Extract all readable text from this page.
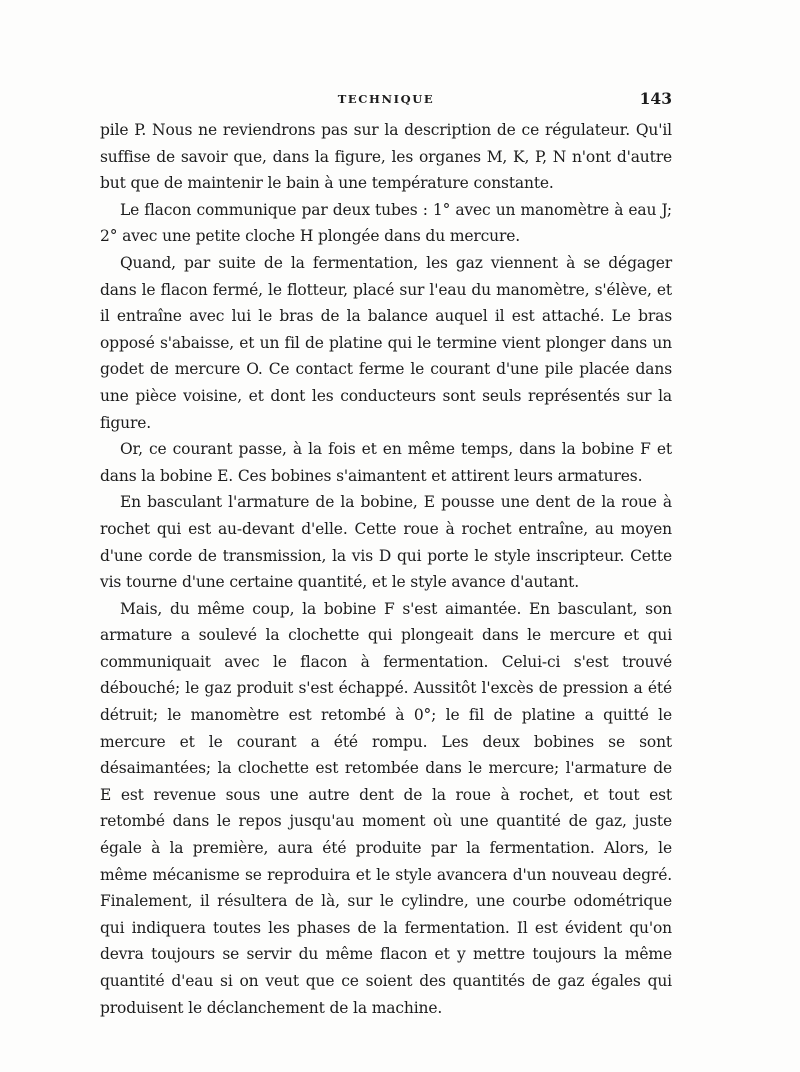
TECHNIQUE	143

pile P. Nous ne reviendrons pas sur la description de ce régulateur. Qu'il suffise de savoir que, dans la figure, les organes M, K, P, N n'ont d'autre but que de maintenir le bain à une température constante.

Le flacon communique par deux tubes : 1° avec un manomètre à eau J; 2° avec une petite cloche H plongée dans du mercure.

Quand, par suite de la fermentation, les gaz viennent à se dégager dans le flacon fermé, le flotteur, placé sur l'eau du manomètre, s'élève, et il entraîne avec lui le bras de la balance auquel il est attaché. Le bras opposé s'abaisse, et un fil de platine qui le termine vient plonger dans un godet de mercure O. Ce contact ferme le courant d'une pile placée dans une pièce voisine, et dont les conducteurs sont seuls représentés sur la figure.

Or, ce courant passe, à la fois et en même temps, dans la bobine F et dans la bobine E. Ces bobines s'aimantent et attirent leurs armatures.

En basculant l'armature de la bobine, E pousse une dent de la roue à rochet qui est au-devant d'elle. Cette roue à rochet entraîne, au moyen d'une corde de transmission, la vis D qui porte le style inscripteur. Cette vis tourne d'une certaine quantité, et le style avance d'autant.

Mais, du même coup, la bobine F s'est aimantée. En basculant, son armature a soulevé la clochette qui plongeait dans le mercure et qui communiquait avec le flacon à fermentation. Celui-ci s'est trouvé débouché; le gaz produit s'est échappé. Aussitôt l'excès de pression a été détruit; le manomètre est retombé à 0°; le fil de platine a quitté le mercure et le courant a été rompu. Les deux bobines se sont désaimantées; la clochette est retombée dans le mercure; l'armature de E est revenue sous une autre dent de la roue à rochet, et tout est retombé dans le repos jusqu'au moment où une quantité de gaz, juste égale à la première, aura été produite par la fermentation. Alors, le même mécanisme se reproduira et le style avancera d'un nouveau degré. Finalement, il résultera de là, sur le cylindre, une courbe odométrique qui indiquera toutes les phases de la fermentation. Il est évident qu'on devra toujours se servir du même flacon et y mettre toujours la même quantité d'eau si on veut que ce soient des quantités de gaz égales qui produisent le déclanchement de la machine.
